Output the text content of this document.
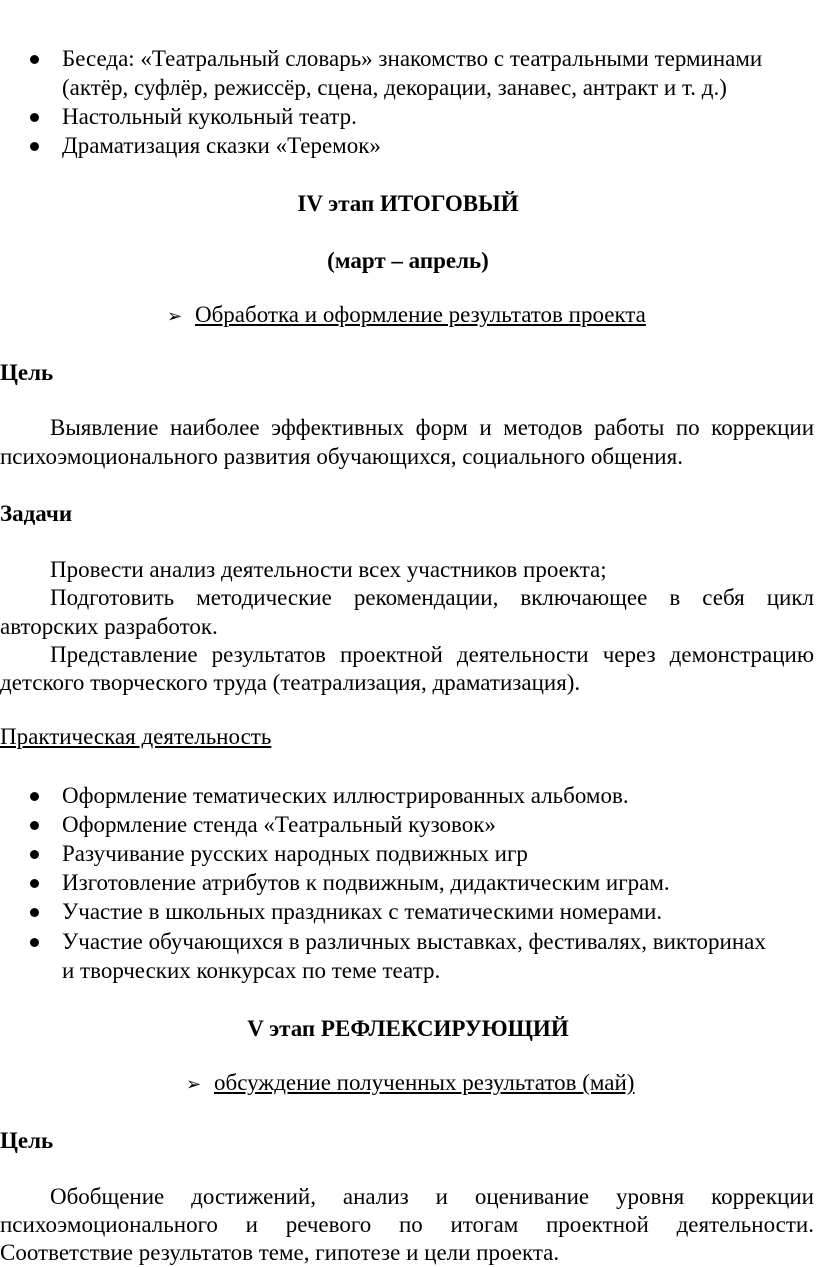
Беседа: «Театральный словарь» знакомство с театральными терминами
(актёр, суфлёр, режиссёр, сцена, декорации, занавес, антракт и т. д.)
Настольный кукольный театр.
Драматизация сказки «Теремок»
IV этап ИТОГОВЫЙ
(март – апрель)
➢ Обработка и оформление результатов проекта
Цель
Выявление наиболее эффективных форм и методов работы по коррекции
психоэмоционального развития обучающихся, социального общения.
Задачи
Провести анализ деятельности всех участников проекта;
Подготовить методические рекомендации, включающее в себя цикл
авторских разработок.
Представление результатов проектной деятельности через демонстрацию
детского творческого труда (театрализация, драматизация).
Практическая деятельность
Оформление тематических иллюстрированных альбомов.
Оформление стенда «Театральный кузовок»
Разучивание русских народных подвижных игр
Изготовление атрибутов к подвижным, дидактическим играм.
Участие в школьных праздниках с тематическими номерами.
Участие обучающихся в различных выставках, фестивалях, викторинах
и творческих конкурсах по теме театр.
V этап РЕФЛЕКСИРУЮЩИЙ
➢ обсуждение полученных результатов (май)
Цель
Обобщение достижений, анализ и оценивание уровня коррекции
психоэмоционального и речевого по итогам проектной деятельности.
Соответствие результатов теме, гипотезе и цели проекта.
